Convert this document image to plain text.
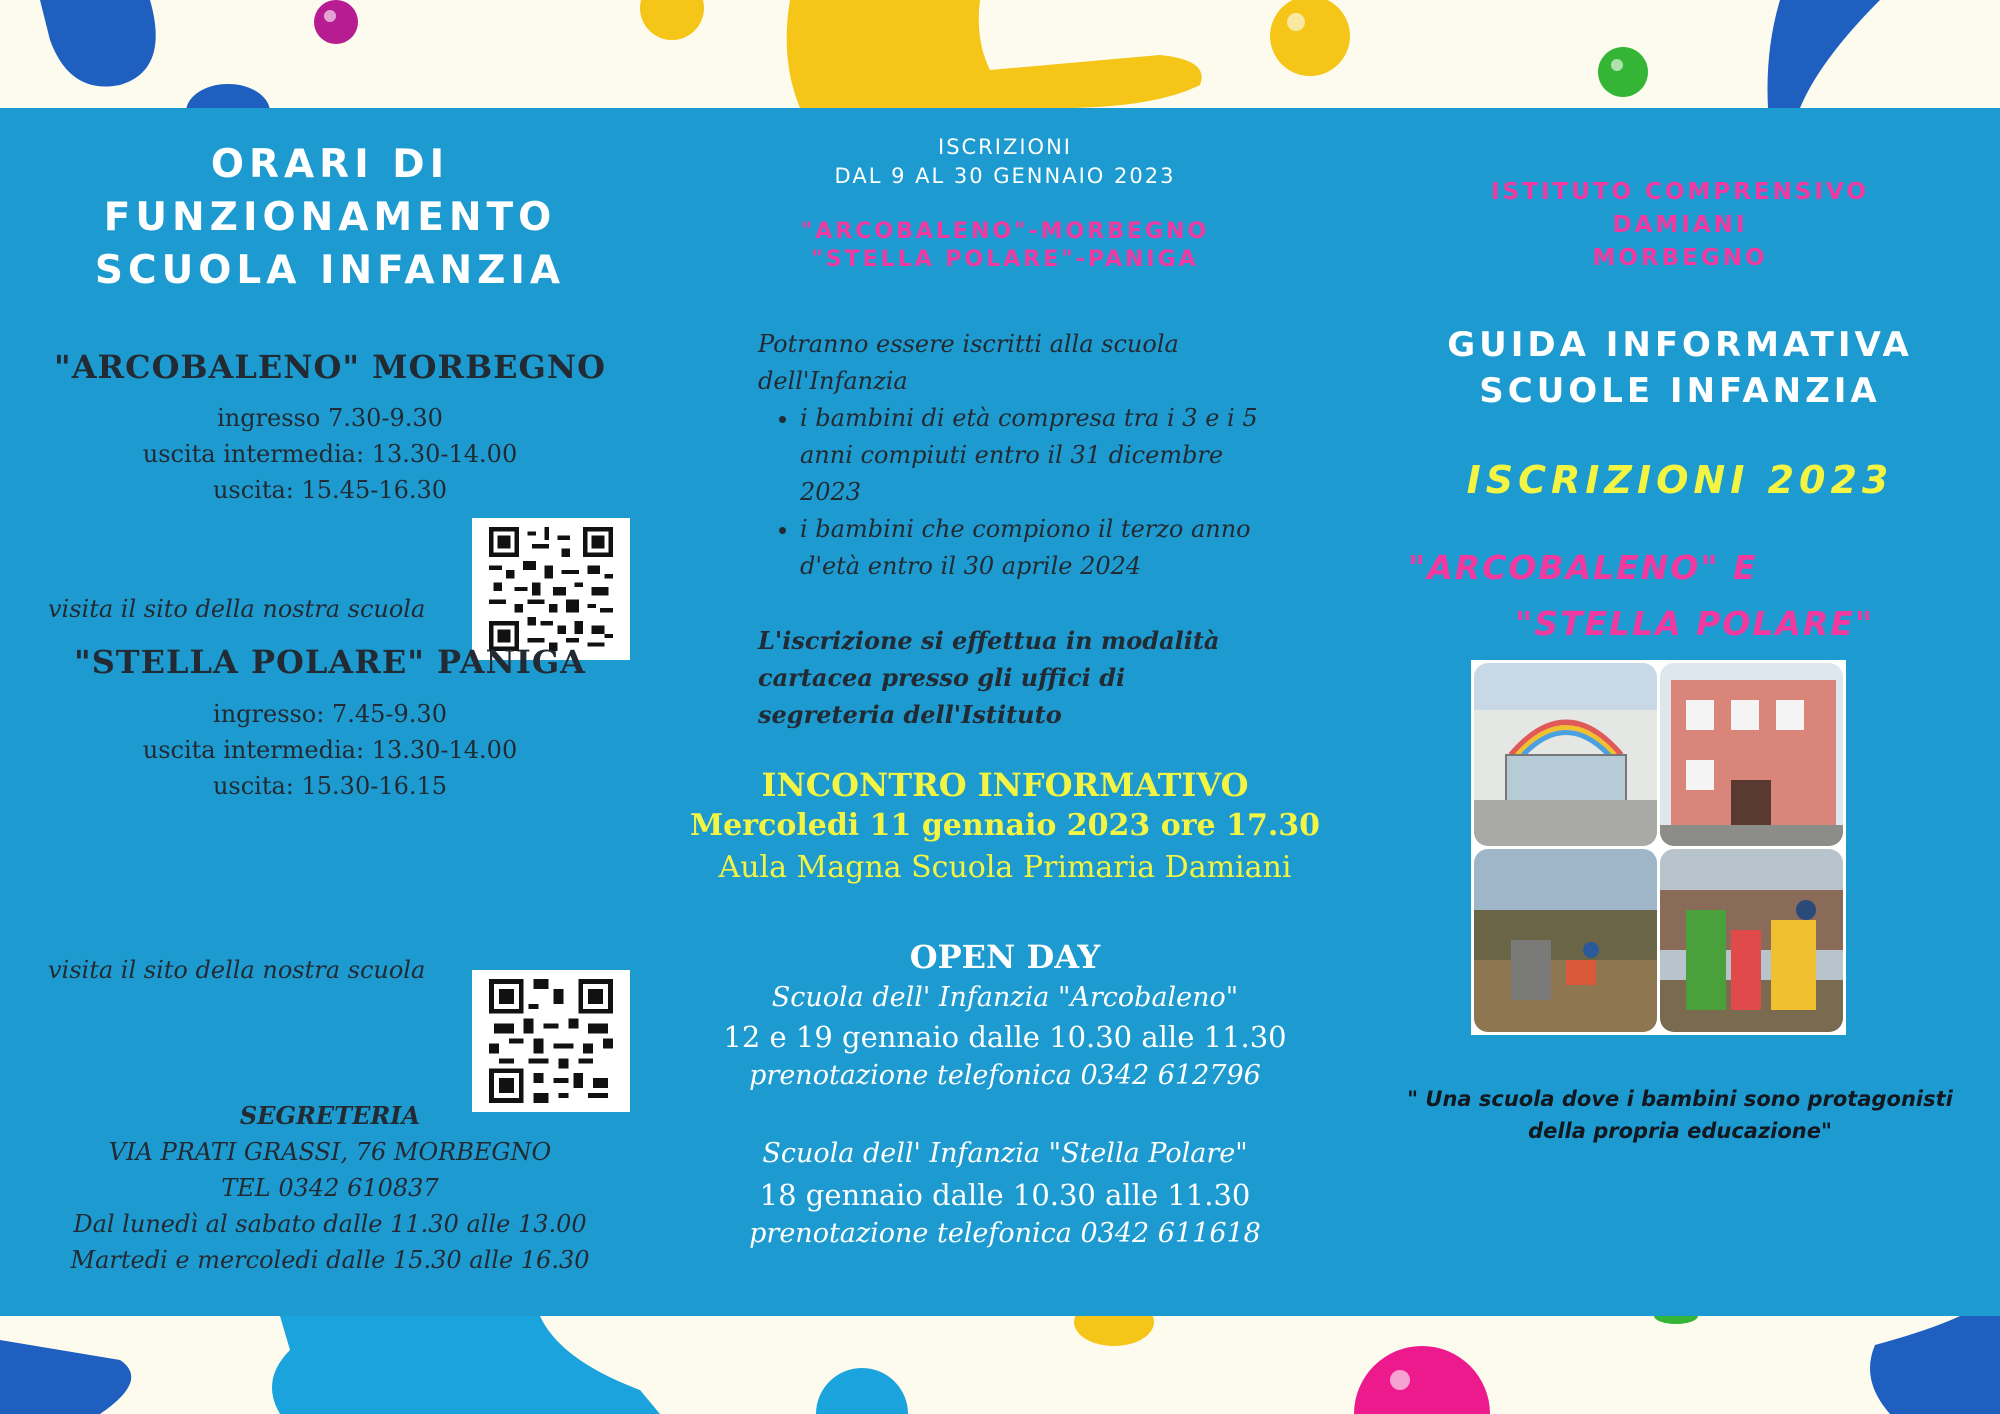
ORARI DI
FUNZIONAMENTO
SCUOLA INFANZIA
"ARCOBALENO" MORBEGNO
ingresso 7.30-9.30
uscita intermedia: 13.30-14.00
uscita: 15.45-16.30
visita il sito della nostra scuola
"STELLA POLARE" PANIGA
ingresso: 7.45-9.30
uscita intermedia: 13.30-14.00
uscita: 15.30-16.15
visita il sito della nostra scuola
SEGRETERIA
VIA PRATI GRASSI, 76 MORBEGNO
TEL 0342 610837
Dal lunedì al sabato dalle 11.30 alle 13.00
Martedi e mercoledi dalle 15.30 alle 16.30
ISCRIZIONI
DAL 9 AL 30 GENNAIO 2023
"ARCOBALENO"-MORBEGNO
"STELLA POLARE"-PANIGA
Potranno essere iscritti alla scuola dell'Infanzia
• i bambini di età compresa tra i 3 e i 5 anni compiuti entro il 31 dicembre 2023
• i bambini che compiono il terzo anno d'età entro il 30 aprile 2024
L'iscrizione si effettua in modalità cartacea presso gli uffici di segreteria dell'Istituto
INCONTRO INFORMATIVO
Mercoledi 11 gennaio 2023 ore 17.30
Aula Magna Scuola Primaria Damiani
OPEN DAY
Scuola dell' Infanzia "Arcobaleno"
12 e 19 gennaio dalle 10.30 alle 11.30
prenotazione telefonica 0342 612796
Scuola dell' Infanzia "Stella Polare"
18 gennaio dalle 10.30 alle 11.30
prenotazione telefonica 0342 611618
ISTITUTO COMPRENSIVO
DAMIANI
MORBEGNO
GUIDA INFORMATIVA
SCUOLE INFANZIA
ISCRIZIONI 2023
"ARCOBALENO" E
"STELLA POLARE"
" Una scuola dove i bambini sono protagonisti
della propria educazione"
